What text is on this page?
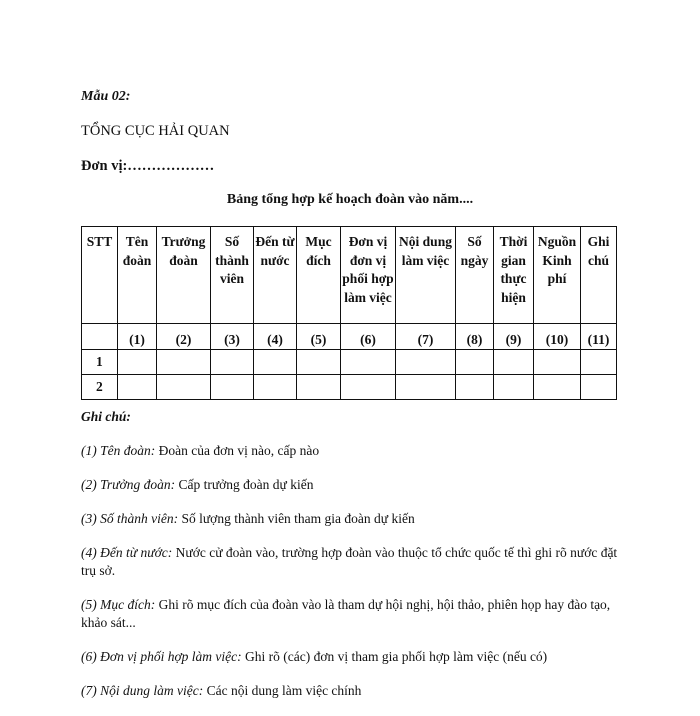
Mẫu 02:
TỔNG CỤC HẢI QUAN
Đơn vị:………………
Bảng tổng hợp kế hoạch đoàn vào năm....
STT	Tên đoàn	Trưởng đoàn	Số thành viên	Đến từ nước	Mục đích	Đơn vị đơn vị phối hợp làm việc	Nội dung làm việc	Số ngày	Thời gian thực hiện	Nguồn Kinh phí	Ghi chú
	(1)	(2)	(3)	(4)	(5)	(6)	(7)	(8)	(9)	(10)	(11)
1											
2											
Ghi chú:
(1) Tên đoàn: Đoàn của đơn vị nào, cấp nào
(2) Trưởng đoàn: Cấp trưởng đoàn dự kiến
(3) Số thành viên: Số lượng thành viên tham gia đoàn dự kiến
(4) Đến từ nước: Nước cử đoàn vào, trường hợp đoàn vào thuộc tổ chức quốc tế thì ghi rõ nước đặt trụ sở.
(5) Mục đích: Ghi rõ mục đích của đoàn vào là tham dự hội nghị, hội thảo, phiên họp hay đào tạo, khảo sát...
(6) Đơn vị phối hợp làm việc: Ghi rõ (các) đơn vị tham gia phối hợp làm việc (nếu có)
(7) Nội dung làm việc: Các nội dung làm việc chính
